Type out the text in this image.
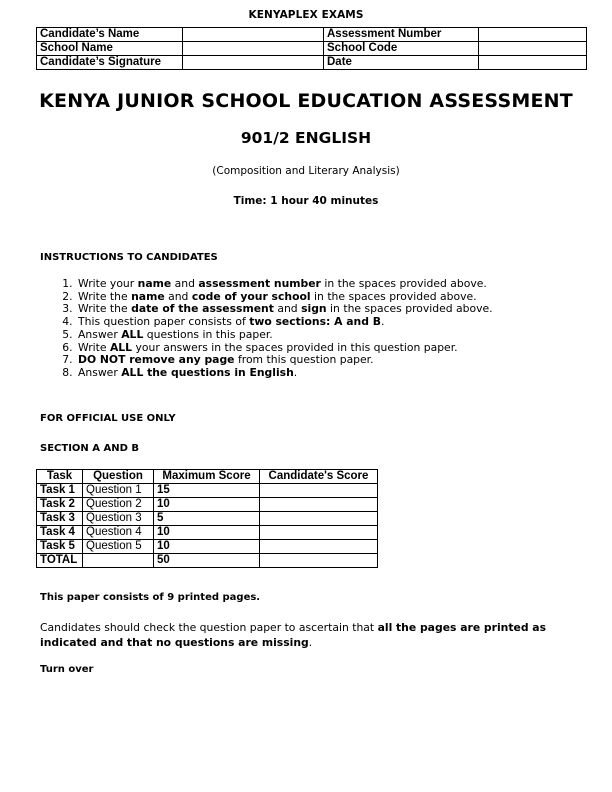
KENYAPLEX EXAMS
Candidate’s Name		Assessment Number	
School Name		School Code	
Candidate’s Signature		Date	
KENYA JUNIOR SCHOOL EDUCATION ASSESSMENT
901/2 ENGLISH
(Composition and Literary Analysis)
Time: 1 hour 40 minutes
INSTRUCTIONS TO CANDIDATES
1. Write your name and assessment number in the spaces provided above.
2. Write the name and code of your school in the spaces provided above.
3. Write the date of the assessment and sign in the spaces provided above.
4. This question paper consists of two sections: A and B.
5. Answer ALL questions in this paper.
6. Write ALL your answers in the spaces provided in this question paper.
7. DO NOT remove any page from this question paper.
8. Answer ALL the questions in English.
FOR OFFICIAL USE ONLY
SECTION A AND B
Task	Question	Maximum Score	Candidate's Score
Task 1	Question 1	15	
Task 2	Question 2	10	
Task 3	Question 3	5	
Task 4	Question 4	10	
Task 5	Question 5	10	
TOTAL		50	
This paper consists of 9 printed pages.
Candidates should check the question paper to ascertain that all the pages are printed as indicated and that no questions are missing.
Turn over
